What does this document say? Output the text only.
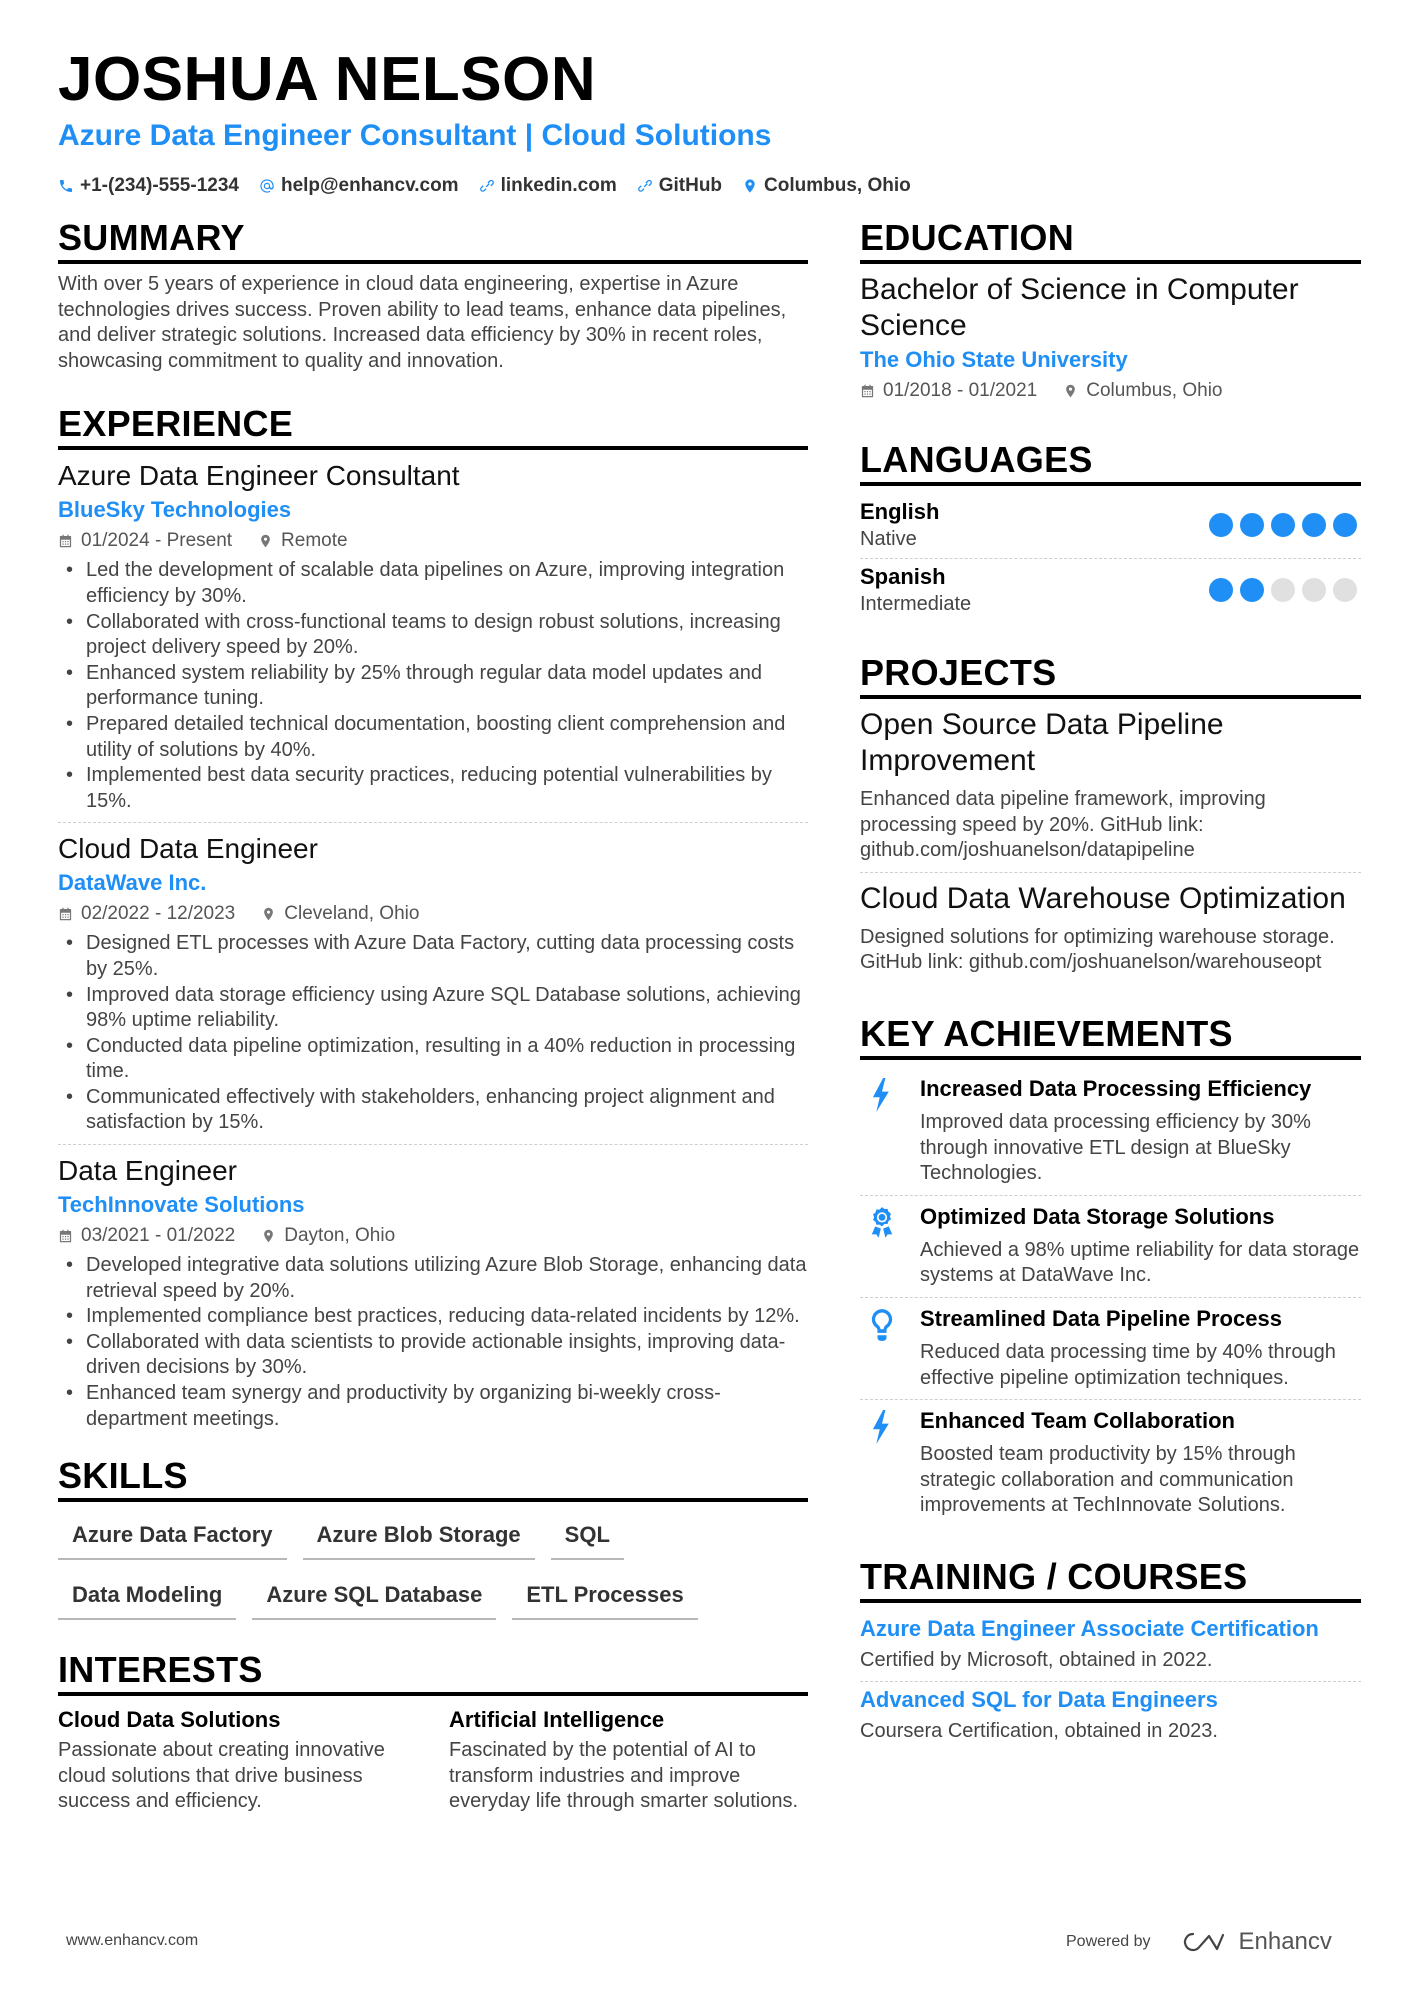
JOSHUA NELSON
Azure Data Engineer Consultant | Cloud Solutions
+1-(234)-555-1234 help@enhancv.com linkedin.com GitHub Columbus, Ohio
SUMMARY
With over 5 years of experience in cloud data engineering, expertise in Azure technologies drives success. Proven ability to lead teams, enhance data pipelines, and deliver strategic solutions. Increased data efficiency by 30% in recent roles, showcasing commitment to quality and innovation.
EXPERIENCE
Azure Data Engineer Consultant
BlueSky Technologies
01/2024 - Present	Remote
• Led the development of scalable data pipelines on Azure, improving integration efficiency by 30%.
• Collaborated with cross-functional teams to design robust solutions, increasing project delivery speed by 20%.
• Enhanced system reliability by 25% through regular data model updates and performance tuning.
• Prepared detailed technical documentation, boosting client comprehension and utility of solutions by 40%.
• Implemented best data security practices, reducing potential vulnerabilities by 15%.
Cloud Data Engineer
DataWave Inc.
02/2022 - 12/2023	Cleveland, Ohio
• Designed ETL processes with Azure Data Factory, cutting data processing costs by 25%.
• Improved data storage efficiency using Azure SQL Database solutions, achieving 98% uptime reliability.
• Conducted data pipeline optimization, resulting in a 40% reduction in processing time.
• Communicated effectively with stakeholders, enhancing project alignment and satisfaction by 15%.
Data Engineer
TechInnovate Solutions
03/2021 - 01/2022	Dayton, Ohio
• Developed integrative data solutions utilizing Azure Blob Storage, enhancing data retrieval speed by 20%.
• Implemented compliance best practices, reducing data-related incidents by 12%.
• Collaborated with data scientists to provide actionable insights, improving data-driven decisions by 30%.
• Enhanced team synergy and productivity by organizing bi-weekly cross-department meetings.
SKILLS
Azure Data Factory	Azure Blob Storage	SQL
Data Modeling	Azure SQL Database	ETL Processes
INTERESTS
Cloud Data Solutions
Passionate about creating innovative cloud solutions that drive business success and efficiency.
Artificial Intelligence
Fascinated by the potential of AI to transform industries and improve everyday life through smarter solutions.
EDUCATION
Bachelor of Science in Computer Science
The Ohio State University
01/2018 - 01/2021	Columbus, Ohio
LANGUAGES
English
Native
Spanish
Intermediate
PROJECTS
Open Source Data Pipeline Improvement
Enhanced data pipeline framework, improving processing speed by 20%. GitHub link: github.com/joshuanelson/datapipeline
Cloud Data Warehouse Optimization
Designed solutions for optimizing warehouse storage. GitHub link: github.com/joshuanelson/warehouseopt
KEY ACHIEVEMENTS
Increased Data Processing Efficiency
Improved data processing efficiency by 30% through innovative ETL design at BlueSky Technologies.
Optimized Data Storage Solutions
Achieved a 98% uptime reliability for data storage systems at DataWave Inc.
Streamlined Data Pipeline Process
Reduced data processing time by 40% through effective pipeline optimization techniques.
Enhanced Team Collaboration
Boosted team productivity by 15% through strategic collaboration and communication improvements at TechInnovate Solutions.
TRAINING / COURSES
Azure Data Engineer Associate Certification
Certified by Microsoft, obtained in 2022.
Advanced SQL for Data Engineers
Coursera Certification, obtained in 2023.
www.enhancv.com	Powered by	Enhancv
